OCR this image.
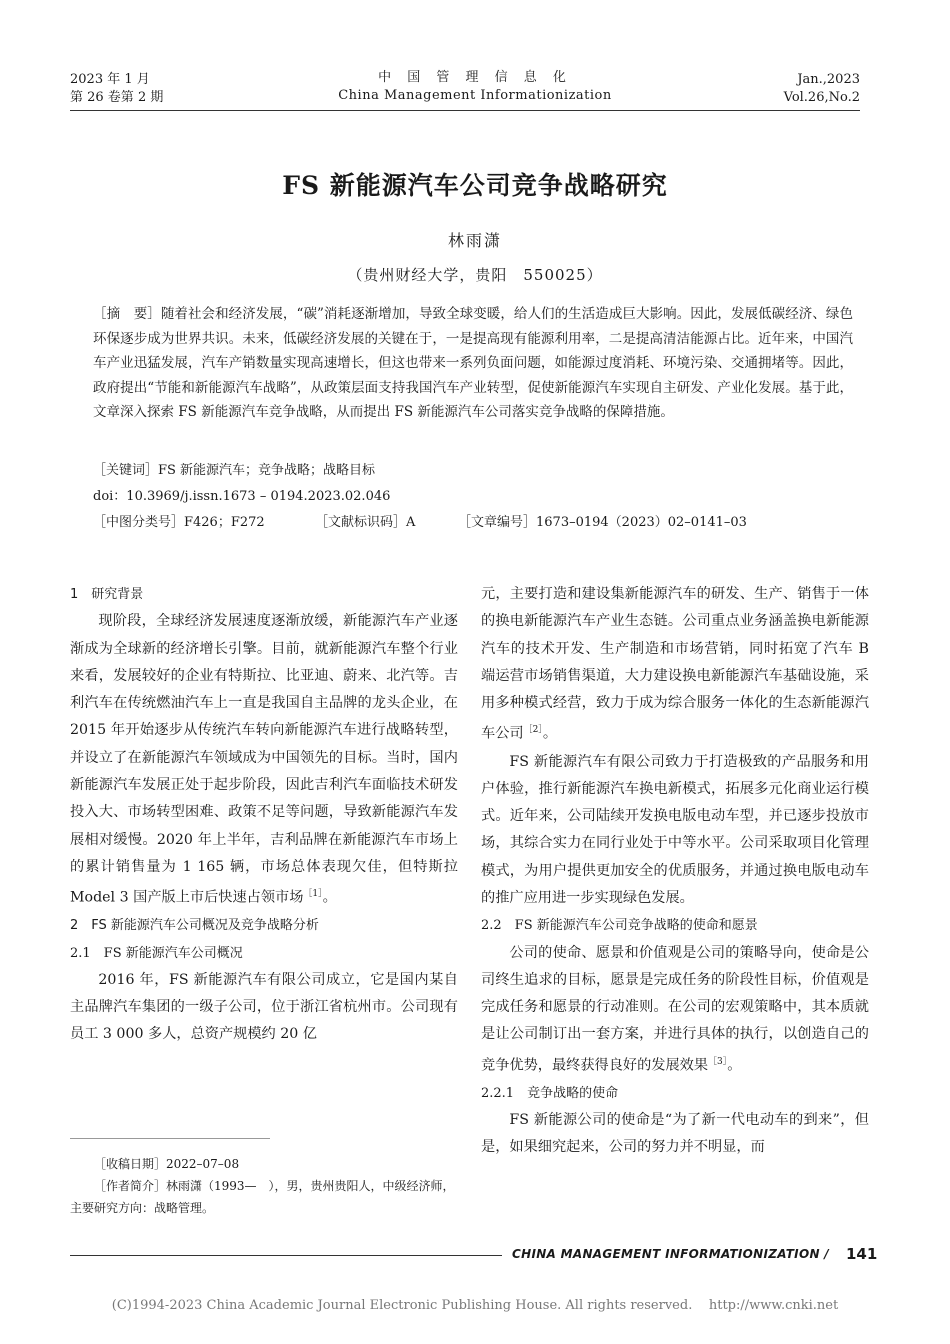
2023 年 1 月
第 26 卷第 2 期
中 国 管 理 信 息 化
China Management Informationization
Jan.,2023
Vol.26,No.2
FS 新能源汽车公司竞争战略研究
林雨潇
（贵州财经大学，贵阳　550025）
［摘　要］随着社会和经济发展，“碳”消耗逐渐增加，导致全球变暖，给人们的生活造成巨大影响。因此，发展低碳经济、绿色环保逐步成为世界共识。未来，低碳经济发展的关键在于，一是提高现有能源利用率，二是提高清洁能源占比。近年来，中国汽车产业迅猛发展，汽车产销数量实现高速增长，但这也带来一系列负面问题，如能源过度消耗、环境污染、交通拥堵等。因此，政府提出“节能和新能源汽车战略”，从政策层面支持我国汽车产业转型，促使新能源汽车实现自主研发、产业化发展。基于此，文章深入探索 FS 新能源汽车竞争战略，从而提出 FS 新能源汽车公司落实竞争战略的保障措施。
［关键词］FS 新能源汽车；竞争战略；战略目标
doi：10.3969/j.issn.1673 – 0194.2023.02.046
［中图分类号］F426；F272	［文献标识码］A	［文章编号］1673–0194（2023）02–0141–03

1　研究背景

现阶段，全球经济发展速度逐渐放缓，新能源汽车产业逐渐成为全球新的经济增长引擎。目前，就新能源汽车整个行业来看，发展较好的企业有特斯拉、比亚迪、蔚来、北汽等。吉利汽车在传统燃油汽车上一直是我国自主品牌的龙头企业，在 2015 年开始逐步从传统汽车转向新能源汽车进行战略转型，并设立了在新能源汽车领域成为中国领先的目标。当时，国内新能源汽车发展正处于起步阶段，因此吉利汽车面临技术研发投入大、市场转型困难、政策不足等问题，导致新能源汽车发展相对缓慢。2020 年上半年，吉利品牌在新能源汽车市场上的累计销售量为 1 165 辆，市场总体表现欠佳，但特斯拉 Model 3 国产版上市后快速占领市场$^{[1]}$。

2　FS 新能源汽车公司概况及竞争战略分析

2.1　FS 新能源汽车公司概况

2016 年，FS 新能源汽车有限公司成立，它是国内某自主品牌汽车集团的一级子公司，位于浙江省杭州市。公司现有员工 3 000 多人，总资产规模约 20 亿

元，主要打造和建设集新能源汽车的研发、生产、销售于一体的换电新能源汽车产业生态链。公司重点业务涵盖换电新能源汽车的技术开发、生产制造和市场营销，同时拓宽了汽车 B 端运营市场销售渠道，大力建设换电新能源汽车基础设施，采用多种模式经营，致力于成为综合服务一体化的生态新能源汽车公司$^{[2]}$。

FS 新能源汽车有限公司致力于打造极致的产品服务和用户体验，推行新能源汽车换电新模式，拓展多元化商业运行模式。近年来，公司陆续开发换电版电动车型，并已逐步投放市场，其综合实力在同行业处于中等水平。公司采取项目化管理模式，为用户提供更加安全的优质服务，并通过换电版电动车的推广应用进一步实现绿色发展。

2.2　FS 新能源汽车公司竞争战略的使命和愿景

公司的使命、愿景和价值观是公司的策略导向，使命是公司终生追求的目标，愿景是完成任务的阶段性目标，价值观是完成任务和愿景的行动准则。在公司的宏观策略中，其本质就是让公司制订出一套方案，并进行具体的执行，以创造自己的竞争优势，最终获得良好的发展效果$^{[3]}$。

2.2.1　竞争战略的使命

FS 新能源公司的使命是“为了新一代电动车的到来”，但是，如果细究起来，公司的努力并不明显，而

［收稿日期］2022–07–08
［作者简介］林雨潇（1993—　），男，贵州贵阳人，中级经济师，主要研究方向：战略管理。
CHINA MANAGEMENT INFORMATIONIZATION / 141
(C)1994-2023 China Academic Journal Electronic Publishing House. All rights reserved.    http://www.cnki.net
